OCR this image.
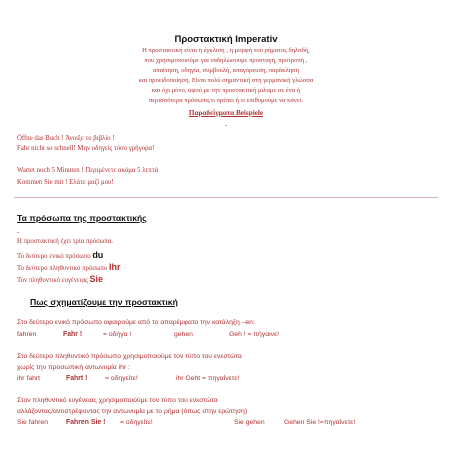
Προστακτική Imperativ
Η προστακτική είναι η έγκλιση , η μορφή του ρήματος δηλαδή,
που χρησιμοποιούμε για ναδηλώσουμε προσταγή, προτροπή ,
απαίτηση, οδηγία, συμβουλή, απαγόρευση, παράκληση
και προειδοποίηση. Είναι πολύ σημαντική στη γερμανική γλώσσα
και όχι μόνο, αφού με την προστακτική μιλαμε σε ένα ή
περισσότερα πρόσωπα,τι πρέπει ή τι επιθυμούμε να κάνει.
Παραδείγματα Beispiele
-
Öffne das Buch ! Άνοιξε το βιβλίο !
Fahr nicht so schnell! Μην οδηγείς τόσο γρήγορα!
Wartet noch 5 Minuten ! Περιμένετε ακόμα 5 λεπτά
Kommen Sie mit ! Ελάτε μαζί μου!
Τα πρόσωπα της προστακτικής
-
Η προστακτική έχει τρία πρόσωπα.
Το δεύτερο ενικό πρόσωπο du
Το δεύτερο πληθυντικό πρόσωπο Ihr
Τον πληθυντικό ευγένειας Sie
Πως σχηματίζουμε την προστακτική
Στο δεύτερο ενικό πρόσωπο αφαιρούμε από το απαρέμφατο την κατάληξη –en:
fahren	Fahr !	= οδήγα !	gehen	Geh ! = πήγαινε!
Στο δεύτερο πληθυντικό πρόσωπο χρησιμοποιούμε τον τύπο του ενεστώτα
χωρίς την προσωπική αντωνυμία ihr :
ihr fahrt	Fahrt !	= οδηγείτε!	ihr Geht = πηγαίνετε!
Στον πληθυντικό ευγένειας χρησιμοποιούμε τον τύπο του ενεστώτα
αλλάζοντας/αντιστρέφοντας την αντωνυμία με το ρήμα (όπως στην ερώτηση)
Sie fahren	Fahren Sie ! = οδηγείτε!	Sie gehen	Gehen Sie !=πηγαίνετε!
